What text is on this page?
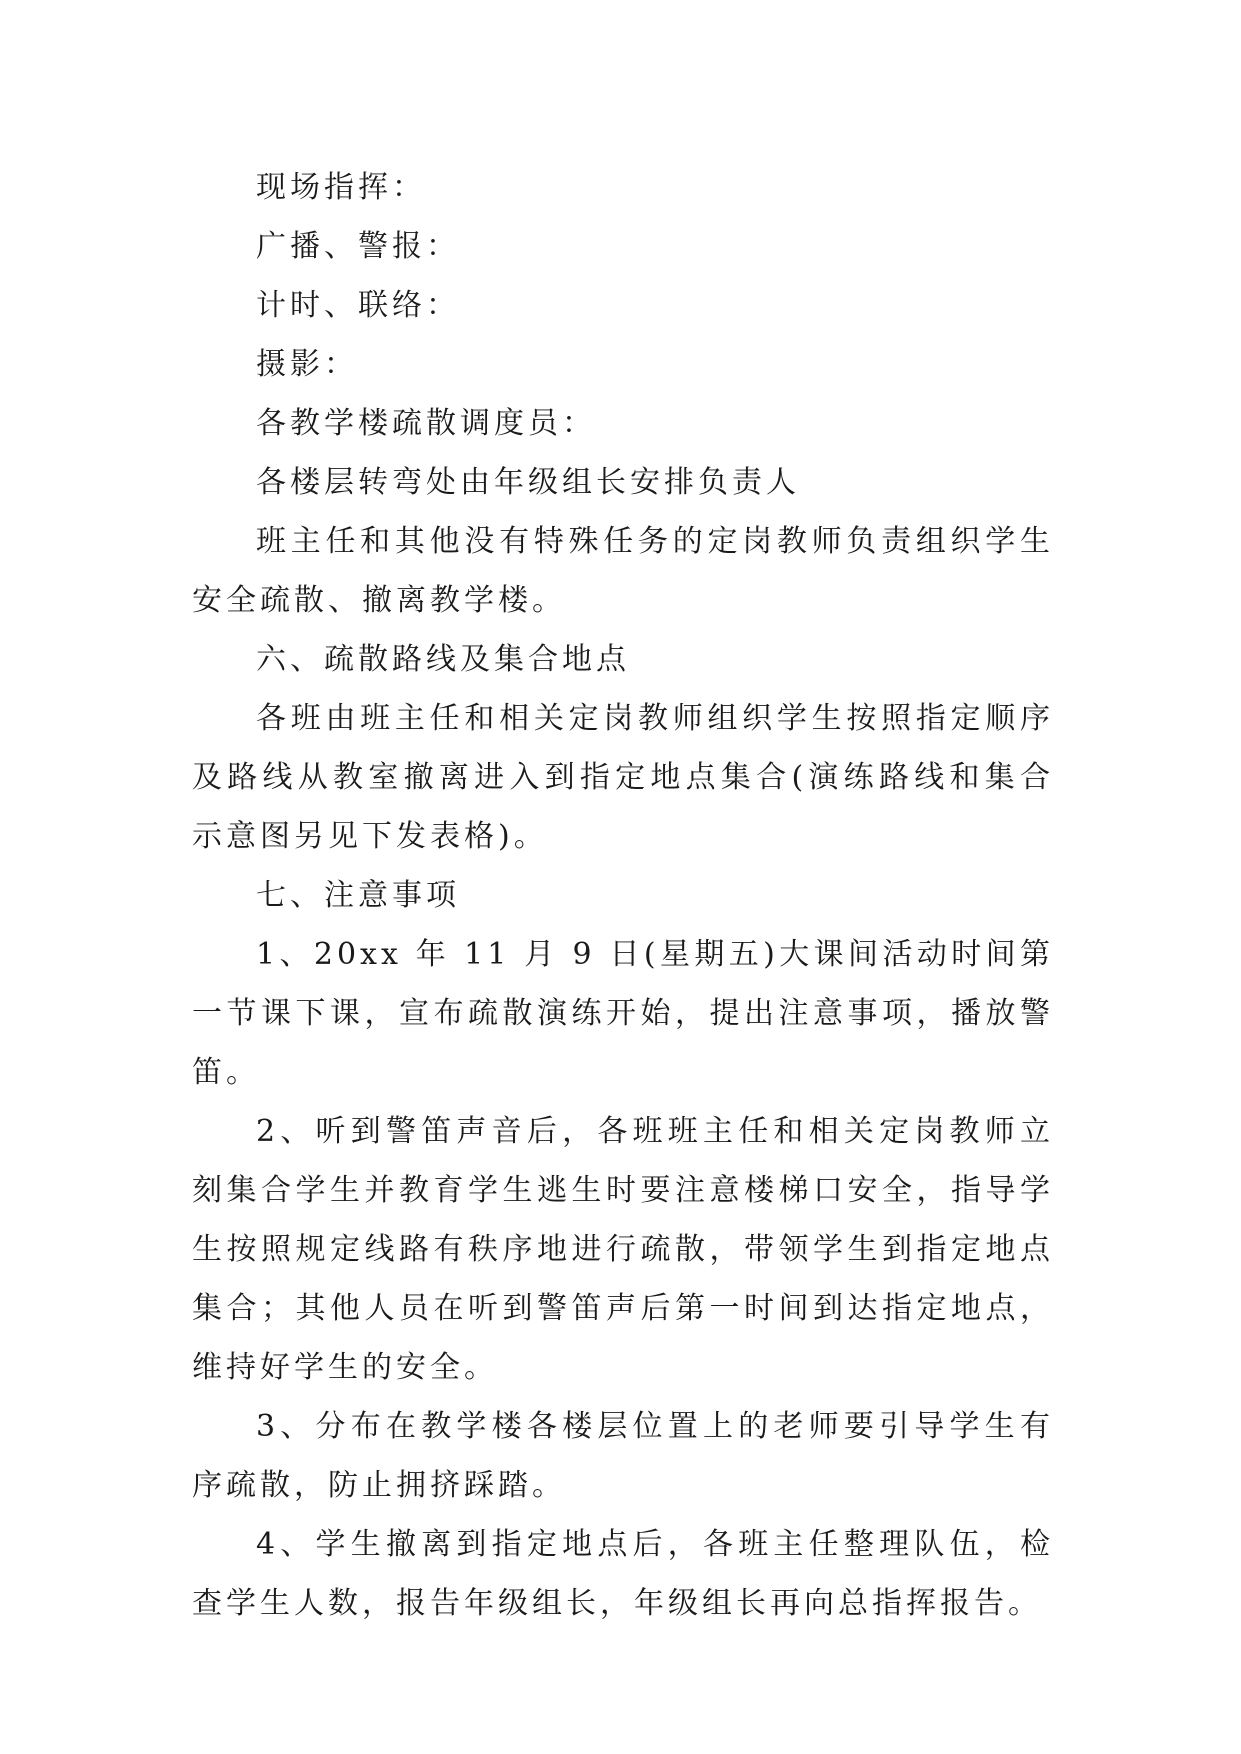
现场指挥：

广播、警报：

计时、联络：

摄影：

各教学楼疏散调度员：

各楼层转弯处由年级组长安排负责人

班主任和其他没有特殊任务的定岗教师负责组织学生安全疏散、撤离教学楼。

六、疏散路线及集合地点

各班由班主任和相关定岗教师组织学生按照指定顺序及路线从教室撤离进入到指定地点集合(演练路线和集合示意图另见下发表格)。

七、注意事项

1、20xx 年 11 月 9 日(星期五)大课间活动时间第一节课下课，宣布疏散演练开始，提出注意事项，播放警笛。

2、听到警笛声音后，各班班主任和相关定岗教师立刻集合学生并教育学生逃生时要注意楼梯口安全，指导学生按照规定线路有秩序地进行疏散，带领学生到指定地点集合；其他人员在听到警笛声后第一时间到达指定地点，维持好学生的安全。

3、分布在教学楼各楼层位置上的老师要引导学生有序疏散，防止拥挤踩踏。

4、学生撤离到指定地点后，各班主任整理队伍，检查学生人数，报告年级组长，年级组长再向总指挥报告。
